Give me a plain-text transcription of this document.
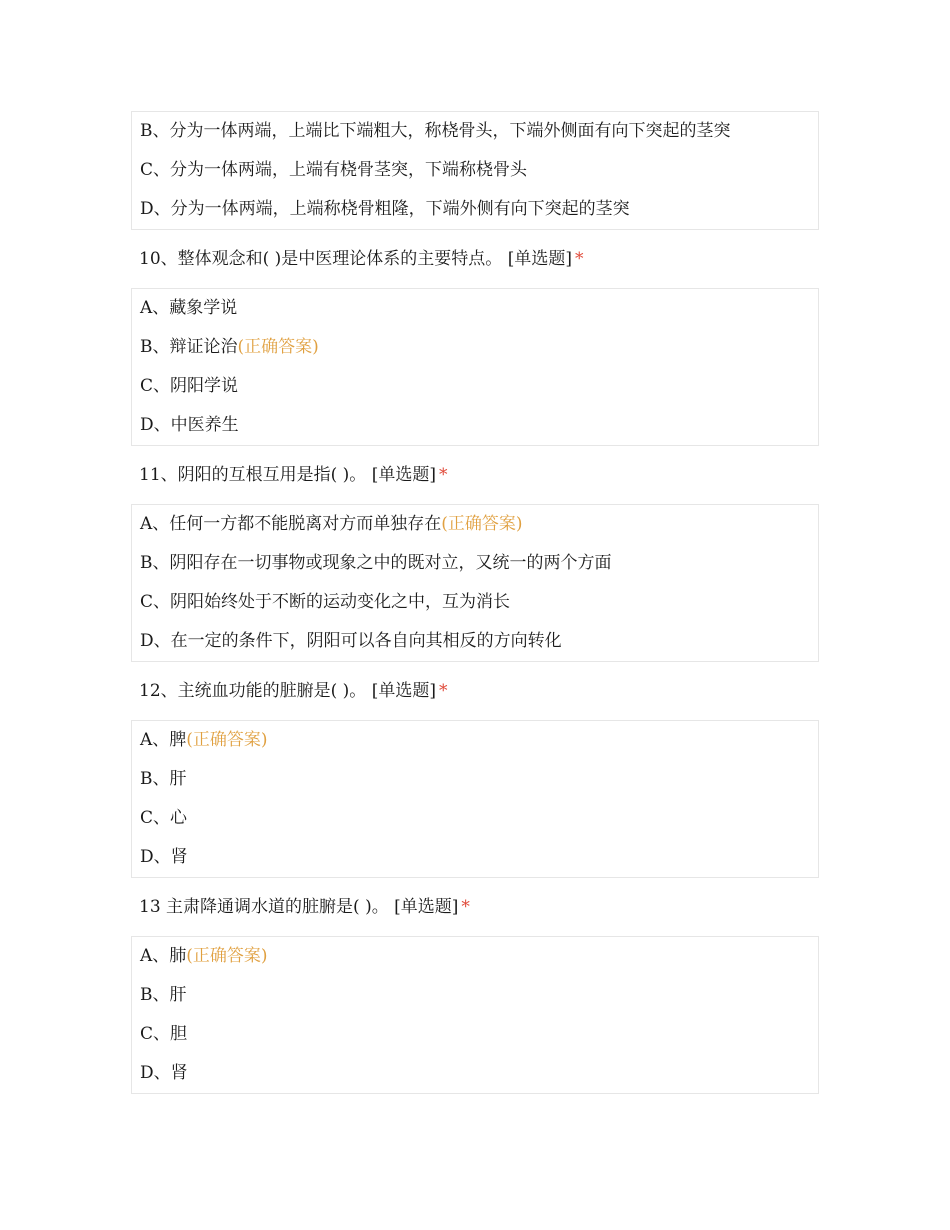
B、分为一体两端，上端比下端粗大，称桡骨头，下端外侧面有向下突起的茎突
C、分为一体两端，上端有桡骨茎突，下端称桡骨头
D、分为一体两端，上端称桡骨粗隆，下端外侧有向下突起的茎突
10、整体观念和( )是中医理论体系的主要特点。 [单选题] *
A、藏象学说
B、辩证论治(正确答案)
C、阴阳学说
D、中医养生
11、阴阳的互根互用是指( )。 [单选题] *
A、任何一方都不能脱离对方而单独存在(正确答案)
B、阴阳存在一切事物或现象之中的既对立，又统一的两个方面
C、阴阳始终处于不断的运动变化之中，互为消长
D、在一定的条件下，阴阳可以各自向其相反的方向转化
12、主统血功能的脏腑是( )。 [单选题] *
A、脾(正确答案)
B、肝
C、心
D、肾
13 主肃降通调水道的脏腑是( )。 [单选题] *
A、肺(正确答案)
B、肝
C、胆
D、肾
